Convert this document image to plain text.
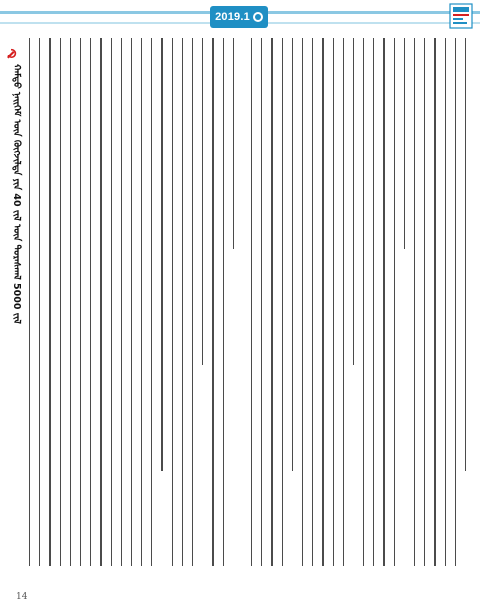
2019.1
ᠬᠠᠮᠲᠤ ᠨᠡᠢᠭᠡᠮ ᠦᠨ ᠬᠥᠭᠵᠢᠯᠲᠡ ᠶᠢᠨ 40 ᠵᠢᠯ ᠦᠨ ᠳᠤᠷᠠᠰᠬᠠᠯ 5000 ᠵᠢᠯ
14
